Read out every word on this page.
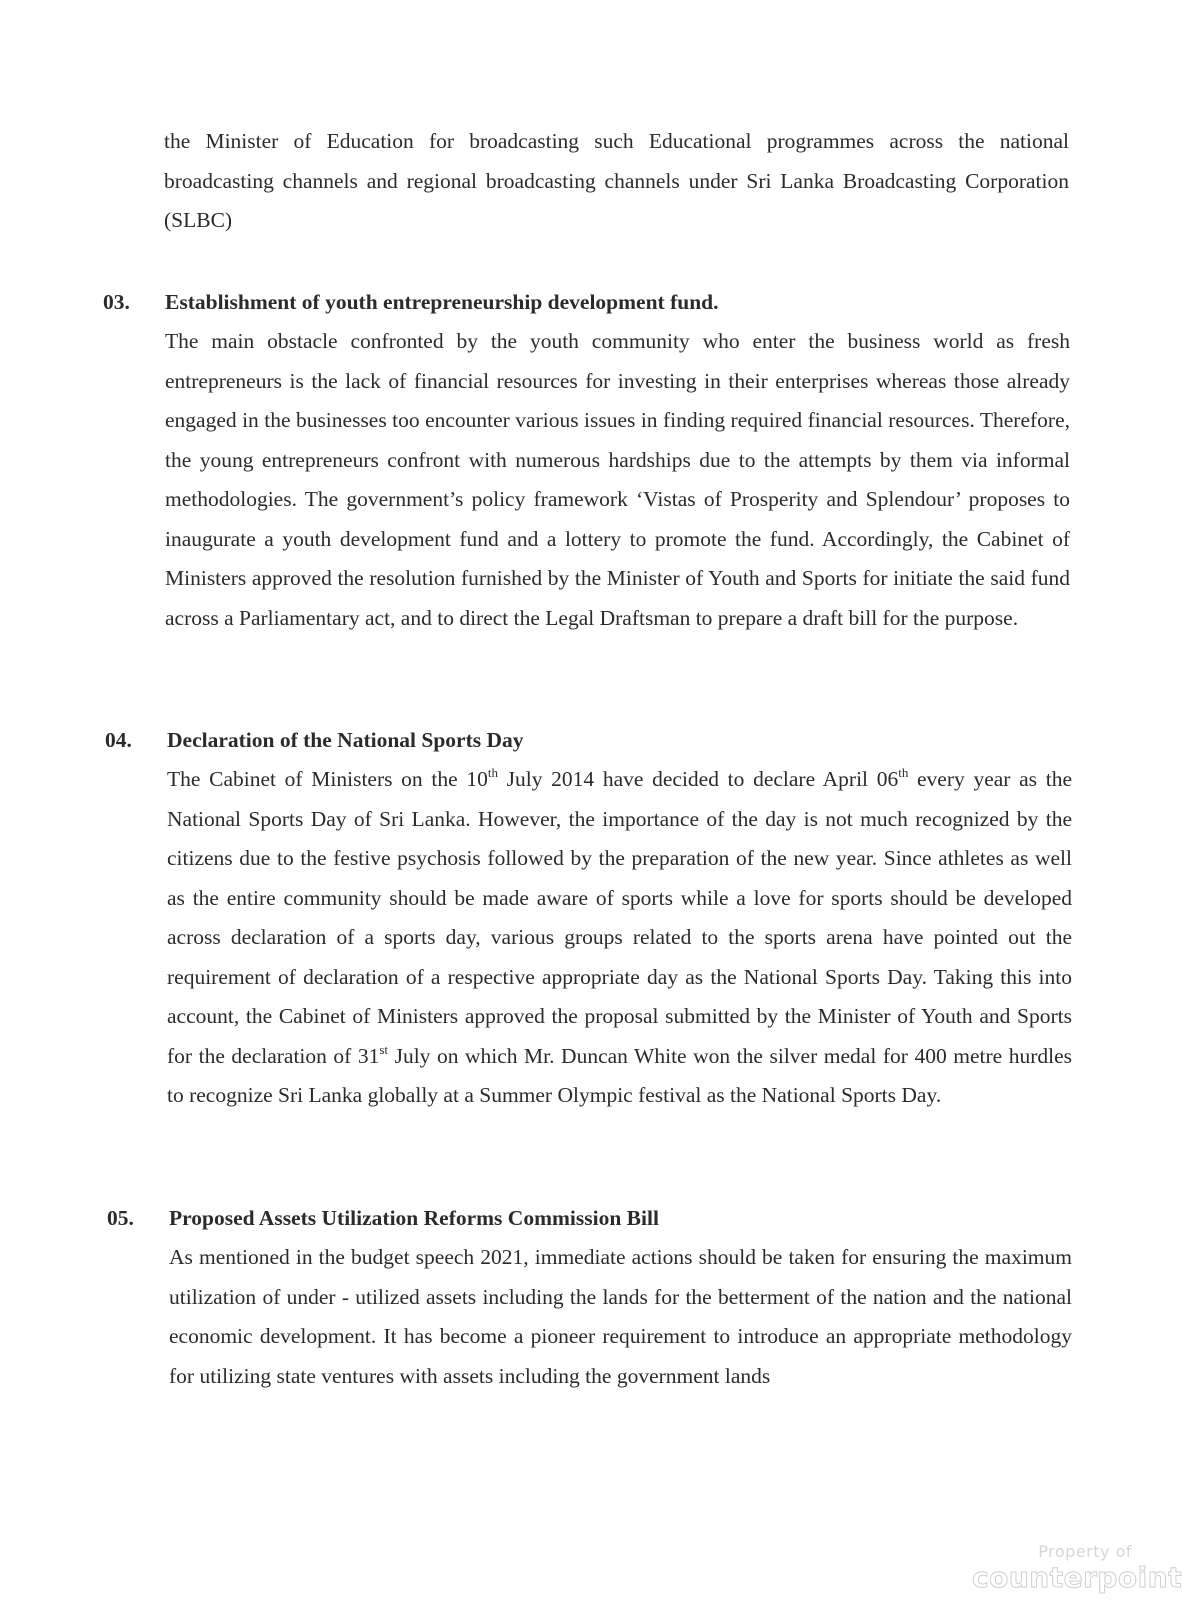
the Minister of Education for broadcasting such Educational programmes across the national broadcasting channels and regional broadcasting channels under Sri Lanka Broadcasting Corporation (SLBC)

03. Establishment of youth entrepreneurship development fund.

The main obstacle confronted by the youth community who enter the business world as fresh entrepreneurs is the lack of financial resources for investing in their enterprises whereas those already engaged in the businesses too encounter various issues in finding required financial resources. Therefore, the young entrepreneurs confront with numerous hardships due to the attempts by them via informal methodologies. The government’s policy framework ‘Vistas of Prosperity and Splendour’ proposes to inaugurate a youth development fund and a lottery to promote the fund. Accordingly, the Cabinet of Ministers approved the resolution furnished by the Minister of Youth and Sports for initiate the said fund across a Parliamentary act, and to direct the Legal Draftsman to prepare a draft bill for the purpose.

04. Declaration of the National Sports Day

The Cabinet of Ministers on the 10th July 2014 have decided to declare April 06th every year as the National Sports Day of Sri Lanka. However, the importance of the day is not much recognized by the citizens due to the festive psychosis followed by the preparation of the new year. Since athletes as well as the entire community should be made aware of sports while a love for sports should be developed across declaration of a sports day, various groups related to the sports arena have pointed out the requirement of declaration of a respective appropriate day as the National Sports Day. Taking this into account, the Cabinet of Ministers approved the proposal submitted by the Minister of Youth and Sports for the declaration of 31st July on which Mr. Duncan White won the silver medal for 400 metre hurdles to recognize Sri Lanka globally at a Summer Olympic festival as the National Sports Day.

05. Proposed Assets Utilization Reforms Commission Bill

As mentioned in the budget speech 2021, immediate actions should be taken for ensuring the maximum utilization of under - utilized assets including the lands for the betterment of the nation and the national economic development. It has become a pioneer requirement to introduce an appropriate methodology for utilizing state ventures with assets including the government lands

Property of
counterpoint
